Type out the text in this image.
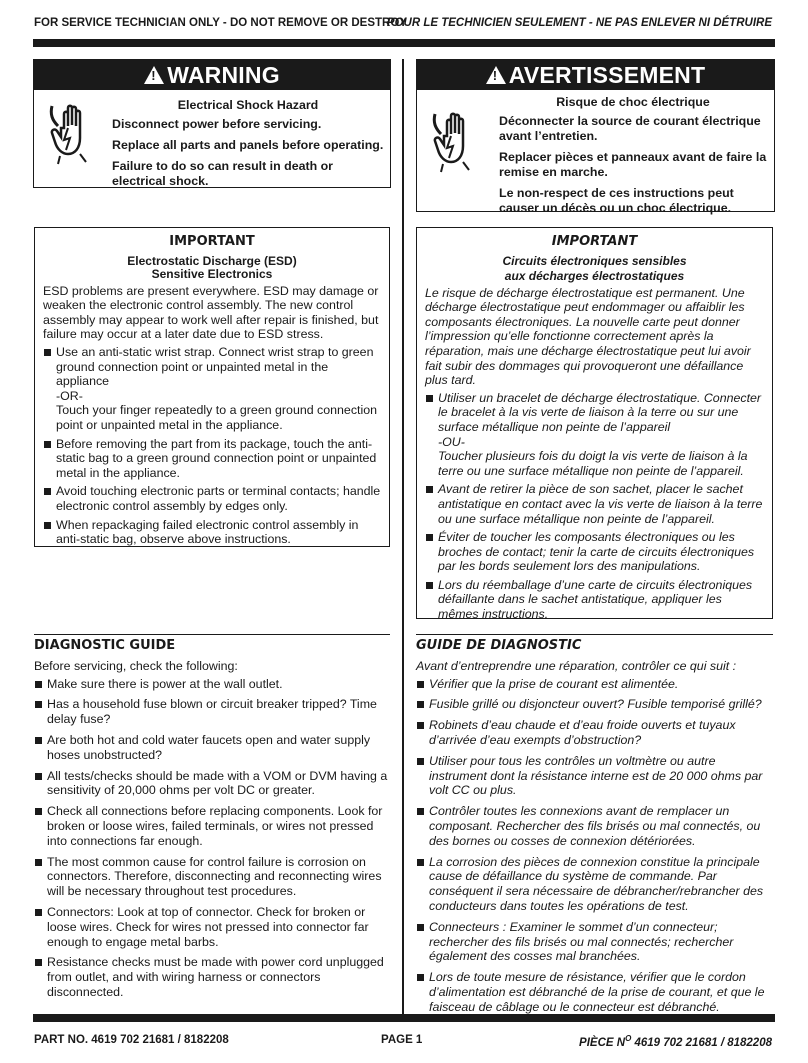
FOR SERVICE TECHNICIAN ONLY - DO NOT REMOVE OR DESTROY
POUR LE TECHNICIEN SEULEMENT - NE PAS ENLEVER NI DÉTRUIRE
!WARNING

Electrical Shock Hazard

Disconnect power before servicing.

Replace all parts and panels before operating.

Failure to do so can result in death or electrical shock.

!AVERTISSEMENT

Risque de choc électrique

Déconnecter la source de courant électrique avant l’entretien.

Replacer pièces et panneaux avant de faire la remise en marche.

Le non-respect de ces instructions peut causer un décès ou un choc électrique.

IMPORTANT
Electrostatic Discharge (ESD)
Sensitive Electronics

ESD problems are present everywhere. ESD may damage or weaken the electronic control assembly. The new control assembly may appear to work well after repair is finished, but failure may occur at a later date due to ESD stress.

Use an anti-static wrist strap. Connect wrist strap to green ground connection point or unpainted metal in the appliance
-OR-
Touch your finger repeatedly to a green ground connection point or unpainted metal in the appliance.
Before removing the part from its package, touch the anti-static bag to a green ground connection point or unpainted metal in the appliance.
Avoid touching electronic parts or terminal contacts; handle electronic control assembly by edges only.
When repackaging failed electronic control assembly in anti-static bag, observe above instructions.
IMPORTANT
Circuits électroniques sensibles
aux décharges électrostatiques

Le risque de décharge électrostatique est permanent. Une décharge électrostatique peut endommager ou affaiblir les composants électroniques. La nouvelle carte peut donner l’impression qu’elle fonctionne correctement après la réparation, mais une décharge électrostatique peut lui avoir fait subir des dommages qui provoqueront une défaillance plus tard.

Utiliser un bracelet de décharge électrostatique. Connecter le bracelet à la vis verte de liaison à la terre ou sur une surface métallique non peinte de l’appareil
-OU-
Toucher plusieurs fois du doigt la vis verte de liaison à la terre ou une surface métallique non peinte de l’appareil.
Avant de retirer la pièce de son sachet, placer le sachet antistatique en contact avec la vis verte de liaison à la terre ou une surface métallique non peinte de l’appareil.
Éviter de toucher les composants électroniques ou les broches de contact; tenir la carte de circuits électroniques par les bords seulement lors des manipulations.
Lors du réemballage d’une carte de circuits électroniques défaillante dans le sachet antistatique, appliquer les mêmes instructions.
DIAGNOSTIC GUIDE
Before servicing, check the following:
Make sure there is power at the wall outlet.
Has a household fuse blown or circuit breaker tripped? Time delay fuse?
Are both hot and cold water faucets open and water supply hoses unobstructed?
All tests/checks should be made with a VOM or DVM having a sensitivity of 20,000 ohms per volt DC or greater.
Check all connections before replacing components. Look for broken or loose wires, failed terminals, or wires not pressed into connections far enough.
The most common cause for control failure is corrosion on connectors. Therefore, disconnecting and reconnecting wires will be necessary throughout test procedures.
Connectors: Look at top of connector. Check for broken or loose wires. Check for wires not pressed into connector far enough to engage metal barbs.
Resistance checks must be made with power cord unplugged from outlet, and with wiring harness or connectors disconnected.
GUIDE DE DIAGNOSTIC
Avant d’entreprendre une réparation, contrôler ce qui suit :
Vérifier que la prise de courant est alimentée.
Fusible grillé ou disjoncteur ouvert? Fusible temporisé grillé?
Robinets d’eau chaude et d’eau froide ouverts et tuyaux d’arrivée d’eau exempts d’obstruction?
Utiliser pour tous les contrôles un voltmètre ou autre instrument dont la résistance interne est de 20 000 ohms par volt CC ou plus.
Contrôler toutes les connexions avant de remplacer un composant. Rechercher des fils brisés ou mal connectés, ou des bornes ou cosses de connexion détériorées.
La corrosion des pièces de connexion constitue la principale cause de défaillance du système de commande. Par conséquent il sera nécessaire de débrancher/rebrancher des conducteurs dans toutes les opérations de test.
Connecteurs : Examiner le sommet d’un connecteur; rechercher des fils brisés ou mal connectés; rechercher également des cosses mal branchées.
Lors de toute mesure de résistance, vérifier que le cordon d’alimentation est débranché de la prise de courant, et que le faisceau de câblage ou le connecteur est débranché.
PART NO. 4619 702 21681 / 8182208	PAGE 1	PIÈCE $N^O$ 4619 702 21681 / 8182208
